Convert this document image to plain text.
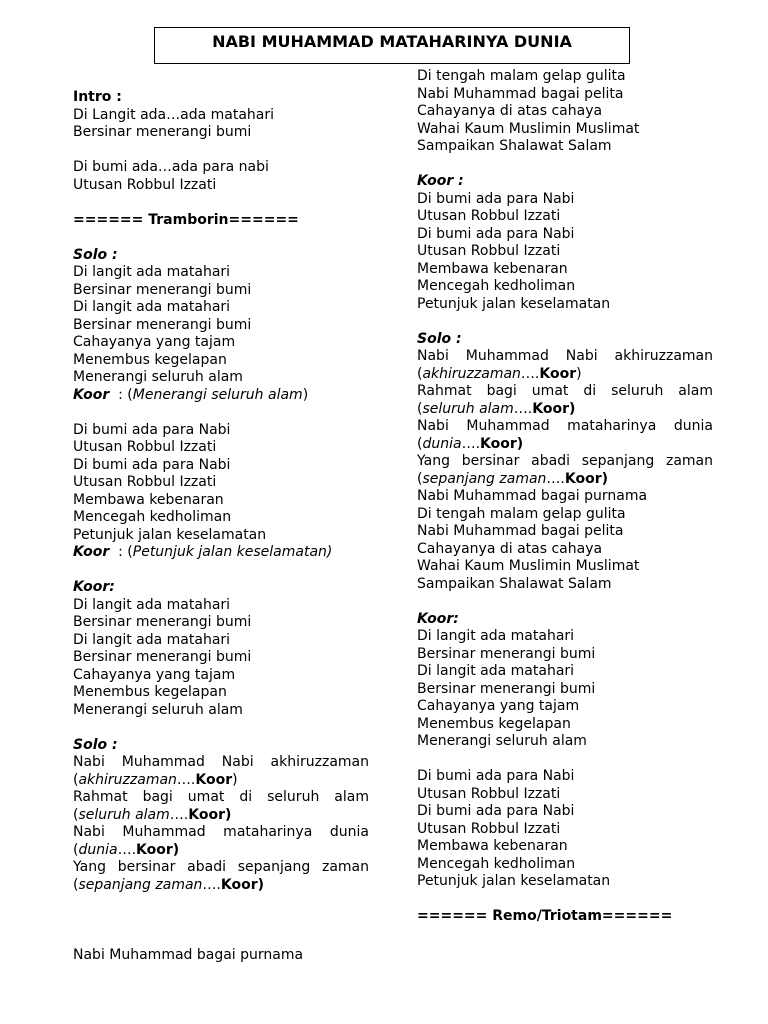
NABI MUHAMMAD MATAHARINYA DUNIA
Intro :
Di Langit ada…ada matahari
Bersinar menerangi bumi
Di bumi ada…ada para nabi
Utusan Robbul Izzati
====== Tramborin======
Solo :
Di langit ada matahari
Bersinar menerangi bumi
Di langit ada matahari
Bersinar menerangi bumi
Cahayanya yang tajam
Menembus kegelapan
Menerangi seluruh alam
Koor  : (Menerangi seluruh alam)
Di bumi ada para Nabi
Utusan Robbul Izzati
Di bumi ada para Nabi
Utusan Robbul Izzati
Membawa kebenaran
Mencegah kedholiman
Petunjuk jalan keselamatan
Koor  : (Petunjuk jalan keselamatan)
Koor:
Di langit ada matahari
Bersinar menerangi bumi
Di langit ada matahari
Bersinar menerangi bumi
Cahayanya yang tajam
Menembus kegelapan
Menerangi seluruh alam
Solo :
Nabi Muhammad Nabi akhiruzzaman
(akhiruzzaman….Koor)
Rahmat bagi umat di seluruh alam
(seluruh alam….Koor)
Nabi Muhammad mataharinya dunia
(dunia….Koor)
Yang bersinar abadi sepanjang zaman
(sepanjang zaman….Koor)
Di tengah malam gelap gulita
Nabi Muhammad bagai pelita
Cahayanya di atas cahaya
Wahai Kaum Muslimin Muslimat
Sampaikan Shalawat Salam
Koor :
Di bumi ada para Nabi
Utusan Robbul Izzati
Di bumi ada para Nabi
Utusan Robbul Izzati
Membawa kebenaran
Mencegah kedholiman
Petunjuk jalan keselamatan
Solo :
Nabi Muhammad Nabi akhiruzzaman
(akhiruzzaman….Koor)
Rahmat bagi umat di seluruh alam
(seluruh alam….Koor)
Nabi Muhammad mataharinya dunia
(dunia….Koor)
Yang bersinar abadi sepanjang zaman
(sepanjang zaman….Koor)
Nabi Muhammad bagai purnama
Di tengah malam gelap gulita
Nabi Muhammad bagai pelita
Cahayanya di atas cahaya
Wahai Kaum Muslimin Muslimat
Sampaikan Shalawat Salam
Koor:
Di langit ada matahari
Bersinar menerangi bumi
Di langit ada matahari
Bersinar menerangi bumi
Cahayanya yang tajam
Menembus kegelapan
Menerangi seluruh alam
Di bumi ada para Nabi
Utusan Robbul Izzati
Di bumi ada para Nabi
Utusan Robbul Izzati
Membawa kebenaran
Mencegah kedholiman
Petunjuk jalan keselamatan
====== Remo/Triotam======
Nabi Muhammad bagai purnama
